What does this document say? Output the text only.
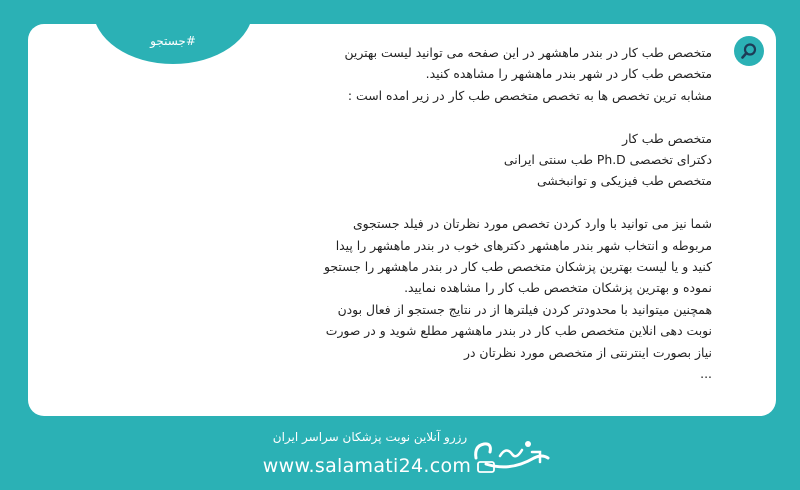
#جستجو

متخصص طب کار در بندر ماهشهر در این صفحه می توانید لیست بهترین متخصص طب کار در شهر بندر ماهشهر را مشاهده کنید.

مشابه ترین تخصص ها به تخصص متخصص طب کار در زیر امده است :

متخصص طب کار

دکترای تخصصی Ph.D طب سنتی ایرانی

متخصص طب فیزیکی و توانبخشی

شما نیز می توانید با وارد کردن تخصص مورد نظرتان در فیلد جستجوی مربوطه و انتخاب شهر بندر ماهشهر دکترهای خوب در بندر ماهشهر را پیدا کنید و یا لیست بهترین پزشکان متخصص طب کار در بندر ماهشهر را جستجو نموده و بهترین پزشکان متخصص طب کار را مشاهده نمایید.

همچنین میتوانید با محدودتر کردن فیلترها از در نتایج جستجو از فعال بودن نوبت دهی انلاین متخصص طب کار در بندر ماهشهر مطلع شوید و در صورت نیاز بصورت اینترنتی از متخصص مورد نظرتان در

...

رزرو آنلاین نوبت پزشکان سراسر ایران
www.salamati24.com
